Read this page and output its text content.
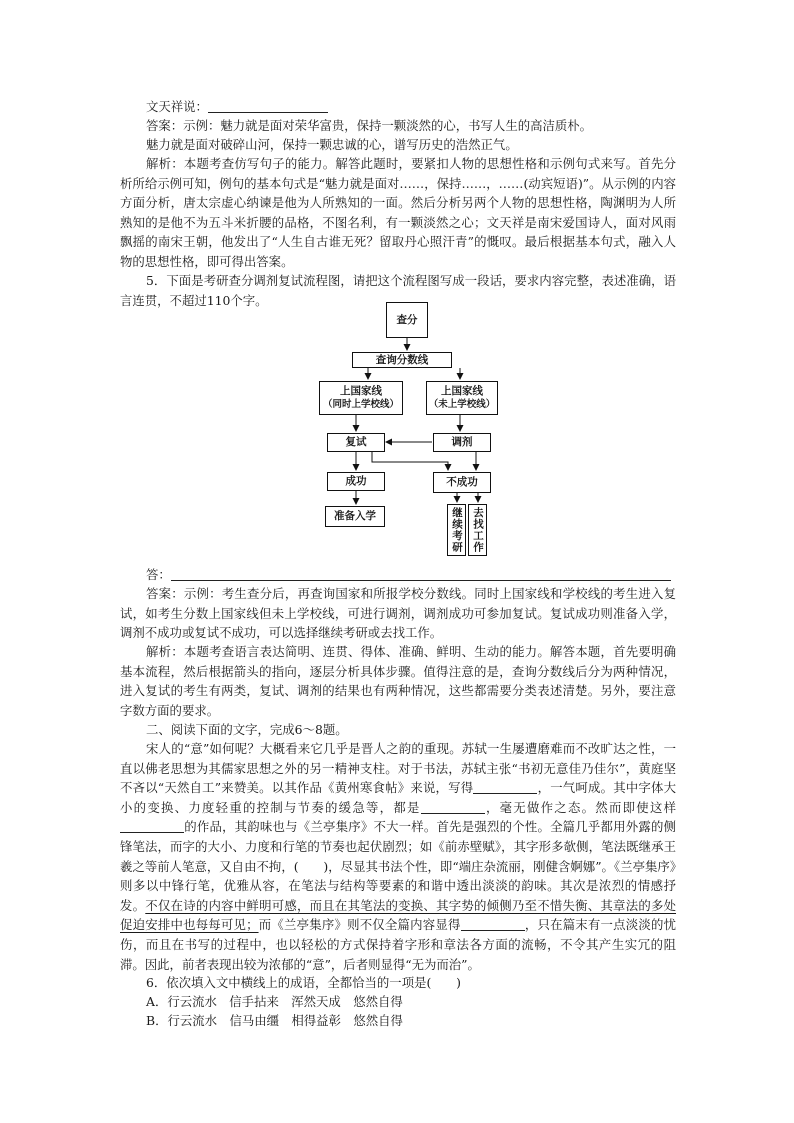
文天祥说：

答案：示例：魅力就是面对荣华富贵，保持一颗淡然的心，书写人生的高洁质朴。

魅力就是面对破碎山河，保持一颗忠诚的心，谱写历史的浩然正气。

解析：本题考查仿写句子的能力。解答此题时，要紧扣人物的思想性格和示例句式来写。首先分析所给示例可知，例句的基本句式是“魅力就是面对……，保持……，……(动宾短语)”。从示例的内容方面分析，唐太宗虚心纳谏是他为人所熟知的一面。然后分析另两个人物的思想性格，陶渊明为人所熟知的是他不为五斗米折腰的品格，不图名利，有一颗淡然之心；文天祥是南宋爱国诗人，面对风雨飘摇的南宋王朝，他发出了“人生自古谁无死？留取丹心照汗青”的慨叹。最后根据基本句式，融入人物的思想性格，即可得出答案。

5．下面是考研查分调剂复试流程图，请把这个流程图写成一段话，要求内容完整，表述准确，语言连贯，不超过110个字。

查分
查询分数线
上国家线
（同时上学校线）
上国家线
（未上学校线）
复试	调剂
成功	不成功
准备入学	继续考研 去找工作

答：

答案：示例：考生查分后，再查询国家和所报学校分数线。同时上国家线和学校线的考生进入复试，如考生分数上国家线但未上学校线，可进行调剂，调剂成功可参加复试。复试成功则准备入学，调剂不成功或复试不成功，可以选择继续考研或去找工作。

解析：本题考查语言表达简明、连贯、得体、准确、鲜明、生动的能力。解答本题，首先要明确基本流程，然后根据箭头的指向，逐层分析具体步骤。值得注意的是，查询分数线后分为两种情况，进入复试的考生有两类，复试、调剂的结果也有两种情况，这些都需要分类表述清楚。另外，要注意字数方面的要求。

二、阅读下面的文字，完成6～8题。

宋人的“意”如何呢？大概看来它几乎是晋人之韵的重现。苏轼一生屡遭磨难而不改旷达之性，一直以佛老思想为其儒家思想之外的另一精神支柱。对于书法，苏轼主张“书初无意佳乃佳尔”，黄庭坚不吝以“天然自工”来赞美。以其作品《黄州寒食帖》来说，写得	，一气呵成。其中字体大小的变换、力度轻重的控制与节奏的缓急等，都是	，毫无做作之态。然而即使这样的作品，其韵味也与《兰亭集序》不大一样。首先是强烈的个性。全篇几乎都用外露的侧锋笔法，而字的大小、力度和行笔的节奏也起伏剧烈；如《前赤壁赋》，其字形多欹侧，笔法既继承王羲之等前人笔意，又自由不拘，(　　)，尽显其书法个性，即“端庄杂流丽，刚健含婀娜”。《兰亭集序》则多以中锋行笔，优雅从容，在笔法与结构等要素的和谐中透出淡淡的韵味。其次是浓烈的情感抒发。不仅在诗的内容中鲜明可感，而且在其笔法的变换、其字势的倾侧乃至不惜失衡、其章法的多处促迫安排中也每每可见；而《兰亭集序》则不仅全篇内容显得	，只在篇末有一点淡淡的忧伤，而且在书写的过程中，也以轻松的方式保持着字形和章法各方面的流畅，不令其产生实冗的阻滞。因此，前者表现出较为浓郁的“意”，后者则显得“无为而治”。

6．依次填入文中横线上的成语，全都恰当的一项是(　　)

A．行云流水　信手拈来　浑然天成　悠然自得

B．行云流水　信马由缰　相得益彰　悠然自得
